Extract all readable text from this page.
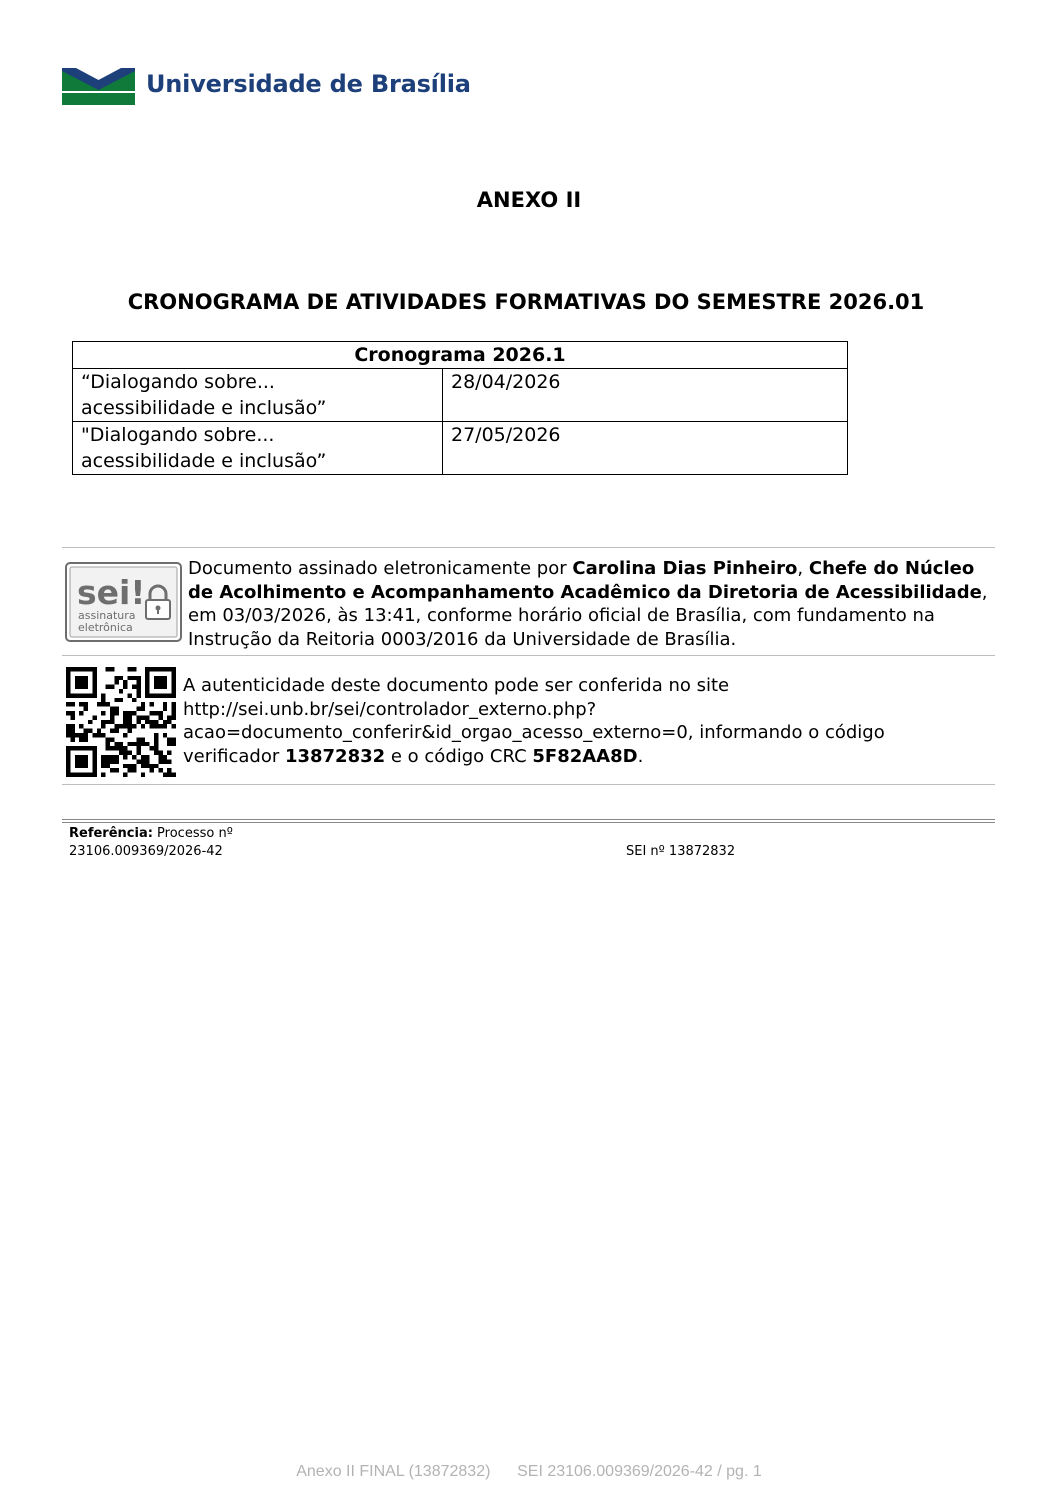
Universidade de Brasília
ANEXO II
CRONOGRAMA DE ATIVIDADES FORMATIVAS DO SEMESTRE 2026.01
Cronograma 2026.1	

“Dialogando sobre...
acessibilidade e inclusão”	28/04/2026

"Dialogando sobre...
acessibilidade e inclusão”	27/05/2026
sei!
assinatura
eletrônica
Documento assinado eletronicamente por Carolina Dias Pinheiro, Chefe do Núcleo de Acolhimento e Acompanhamento Acadêmico da Diretoria de Acessibilidade, em 03/03/2026, às 13:41, conforme horário oficial de Brasília, com fundamento na Instrução da Reitoria 0003/2016 da Universidade de Brasília.
A autenticidade deste documento pode ser conferida no site
http://sei.unb.br/sei/controlador_externo.php?
acao=documento_conferir&id_orgao_acesso_externo=0, informando o código
verificador 13872832 e o código CRC 5F82AA8D.
Referência: Processo nº
23106.009369/2026-42	SEI nº 13872832
Anexo II FINAL (13872832) SEI 23106.009369/2026-42 / pg. 1
